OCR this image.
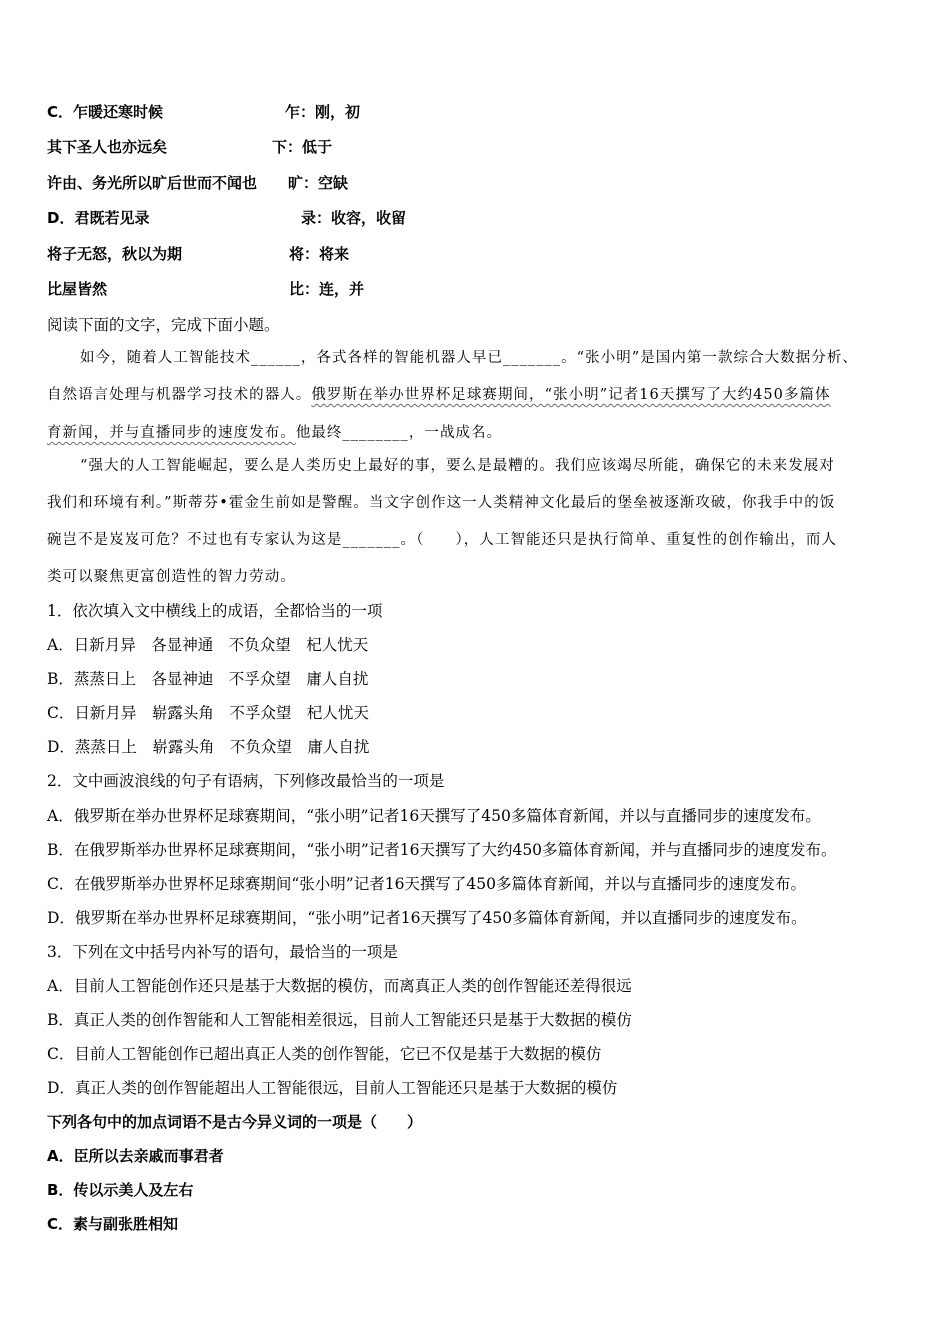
C．乍暖还寒时候	乍：刚，初
其下圣人也亦远矣	下：低于
许由、务光所以旷后世而不闻也 旷：空缺
D．君既若见录	录：收容，收留
将子无怒，秋以为期	将：将来
比屋皆然	比：连，并
阅读下面的文字，完成下面小题。
如今，随着人工智能技术______，各式各样的智能机器人早已_______。“张小明”是国内第一款综合大数据分析、
自然语言处理与机器学习技术的器人。俄罗斯在举办世界杯足球赛期间，“张小明”记者16天撰写了大约450多篇体
育新闻，并与直播同步的速度发布。他最终________，一战成名。
“强大的人工智能崛起，要么是人类历史上最好的事，要么是最糟的。我们应该竭尽所能，确保它的未来发展对
我们和环境有利。”斯蒂芬•霍金生前如是警醒。当文字创作这一人类精神文化最后的堡垒被逐渐攻破，你我手中的饭
碗岂不是岌岌可危？不过也有专家认为这是_______。（　　），人工智能还只是执行简单、重复性的创作输出，而人
类可以聚焦更富创造性的智力劳动。
1．依次填入文中横线上的成语，全都恰当的一项
A．日新月异　各显神通　不负众望　杞人忧天
B．蒸蒸日上　各显神迪　不孚众望　庸人自扰
C．日新月异　崭露头角　不孚众望　杞人忧天
D．蒸蒸日上　崭露头角　不负众望　庸人自扰
2．文中画波浪线的句子有语病，下列修改最恰当的一项是
A．俄罗斯在举办世界杯足球赛期间，“张小明”记者16天撰写了450多篇体育新闻，并以与直播同步的速度发布。
B．在俄罗斯举办世界杯足球赛期间，“张小明”记者16天撰写了大约450多篇体育新闻，并与直播同步的速度发布。
C．在俄罗斯举办世界杯足球赛期间“张小明”记者16天撰写了450多篇体育新闻，并以与直播同步的速度发布。
D．俄罗斯在举办世界杯足球赛期间，“张小明”记者16天撰写了450多篇体育新闻，并以直播同步的速度发布。
3．下列在文中括号内补写的语句，最恰当的一项是
A．目前人工智能创作还只是基于大数据的模仿，而离真正人类的创作智能还差得很远
B．真正人类的创作智能和人工智能相差很远，目前人工智能还只是基于大数据的模仿
C．目前人工智能创作已超出真正人类的创作智能，它已不仅是基于大数据的模仿
D．真正人类的创作智能超出人工智能很远，目前人工智能还只是基于大数据的模仿
下列各句中的加点词语不是古今异义词的一项是（　　）
A．臣所以去亲戚而事君者
B．传以示美人及左右
C．素与副张胜相知
